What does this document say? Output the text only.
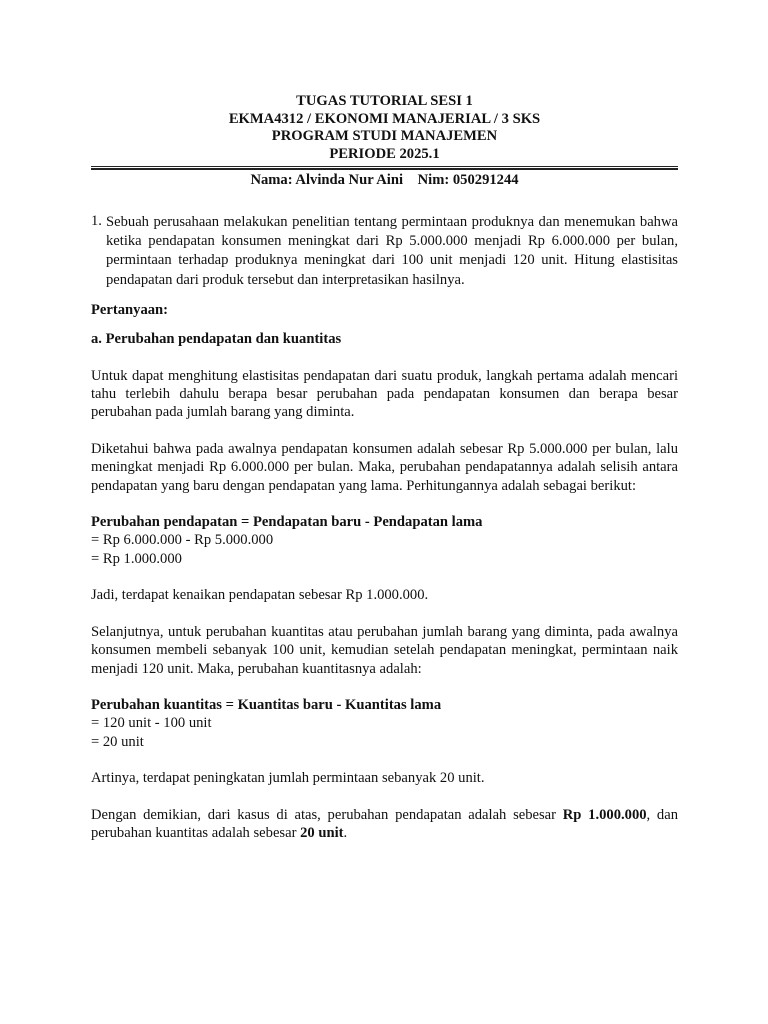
TUGAS TUTORIAL SESI 1
EKMA4312 / EKONOMI MANAJERIAL / 3 SKS
PROGRAM STUDI MANAJEMEN
PERIODE 2025.1
Nama: Alvinda Nur Aini    Nim: 050291244
1. Sebuah perusahaan melakukan penelitian tentang permintaan produknya dan menemukan bahwa ketika pendapatan konsumen meningkat dari Rp 5.000.000 menjadi Rp 6.000.000 per bulan, permintaan terhadap produknya meningkat dari 100 unit menjadi 120 unit. Hitung elastisitas pendapatan dari produk tersebut dan interpretasikan hasilnya.

Pertanyaan:

a. Perubahan pendapatan dan kuantitas

Untuk dapat menghitung elastisitas pendapatan dari suatu produk, langkah pertama adalah mencari tahu terlebih dahulu berapa besar perubahan pada pendapatan konsumen dan berapa besar perubahan pada jumlah barang yang diminta.

Diketahui bahwa pada awalnya pendapatan konsumen adalah sebesar Rp 5.000.000 per bulan, lalu meningkat menjadi Rp 6.000.000 per bulan. Maka, perubahan pendapatannya adalah selisih antara pendapatan yang baru dengan pendapatan yang lama. Perhitungannya adalah sebagai berikut:

Perubahan pendapatan = Pendapatan baru - Pendapatan lama

= Rp 6.000.000 - Rp 5.000.000

= Rp 1.000.000

Jadi, terdapat kenaikan pendapatan sebesar Rp 1.000.000.

Selanjutnya, untuk perubahan kuantitas atau perubahan jumlah barang yang diminta, pada awalnya konsumen membeli sebanyak 100 unit, kemudian setelah pendapatan meningkat, permintaan naik menjadi 120 unit. Maka, perubahan kuantitasnya adalah:

Perubahan kuantitas = Kuantitas baru - Kuantitas lama

= 120 unit - 100 unit

= 20 unit

Artinya, terdapat peningkatan jumlah permintaan sebanyak 20 unit.

Dengan demikian, dari kasus di atas, perubahan pendapatan adalah sebesar Rp 1.000.000, dan perubahan kuantitas adalah sebesar 20 unit.
